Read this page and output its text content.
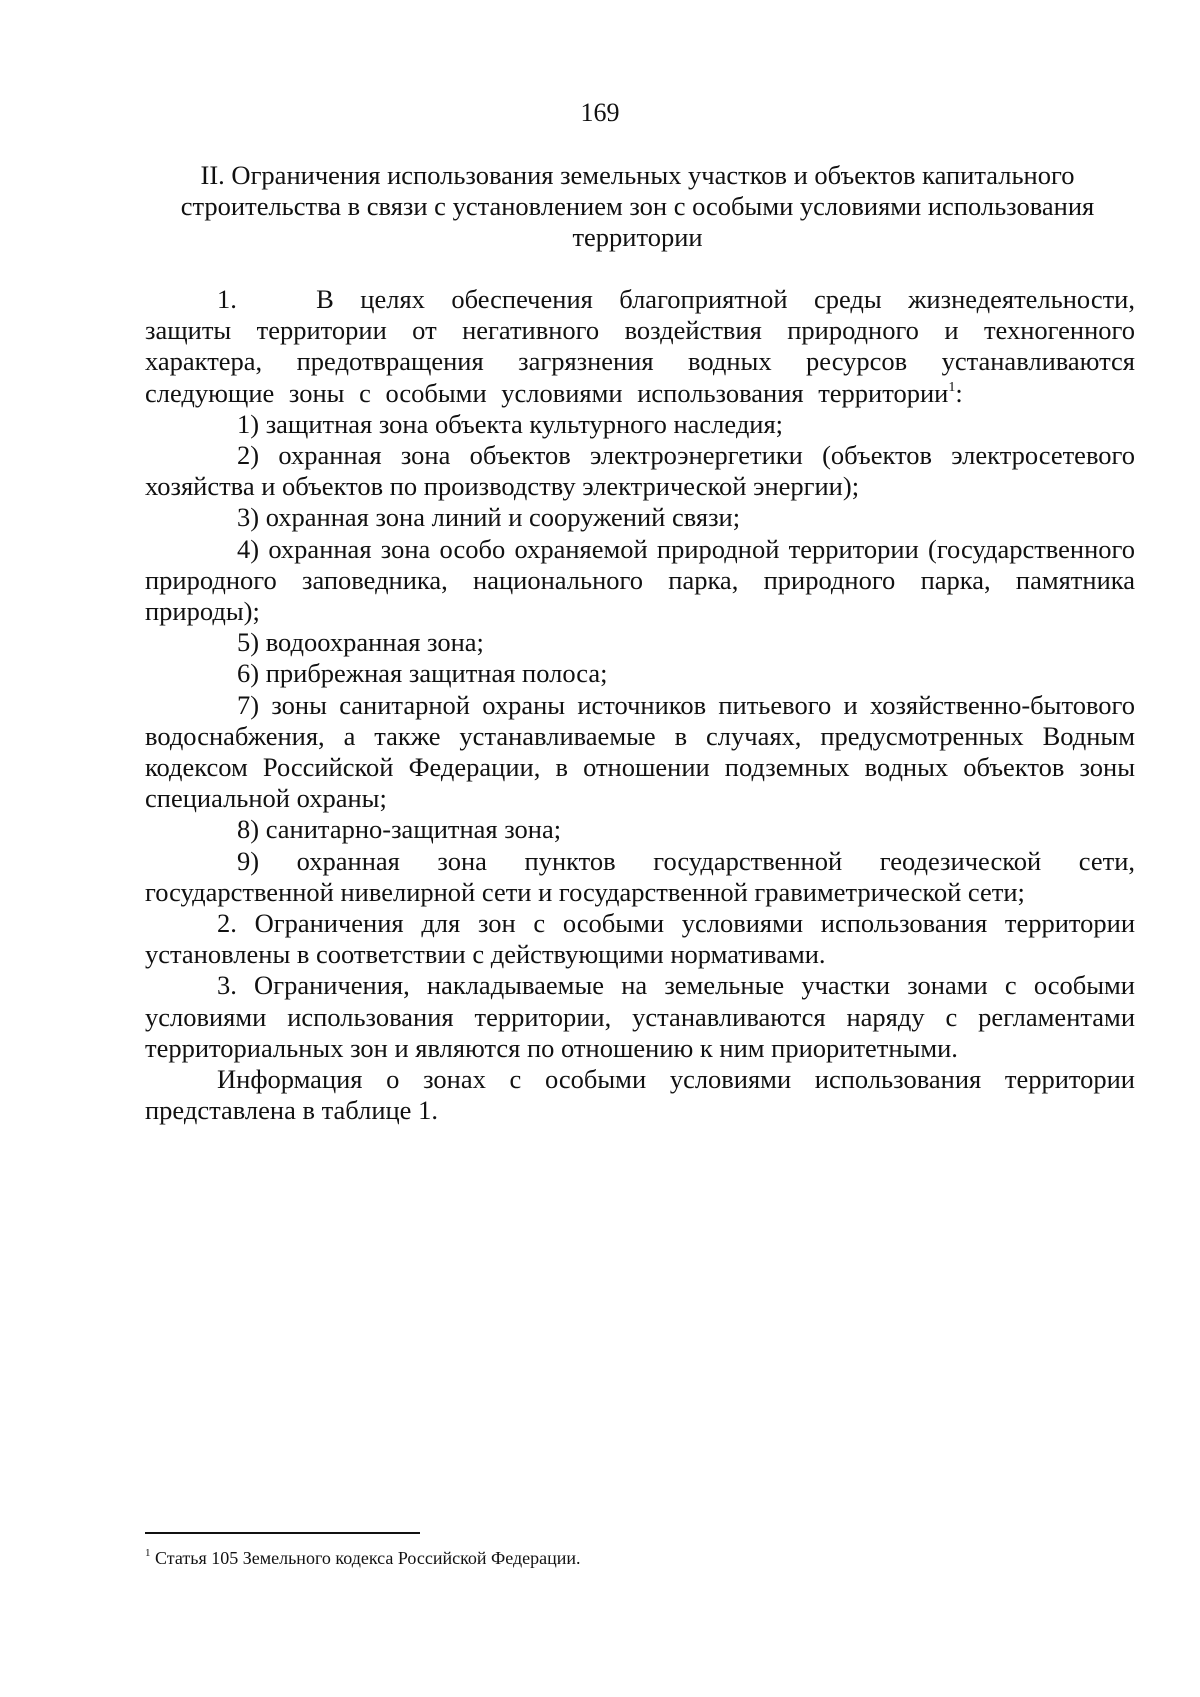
169
II. Ограничения использования земельных участков и объектов капитального
строительства в связи с установлением зон с особыми условиями использования
территории

1.   В целях обеспечения благоприятной среды жизнедеятельности, защиты территории от негативного воздействия природного и техногенного характера, предотвращения загрязнения водных ресурсов устанавливаются следующие зоны с особыми условиями использования территории$^1$:

1) защитная зона объекта культурного наследия;

2) охранная зона объектов электроэнергетики (объектов электросетевого хозяйства и объектов по производству электрической энергии);

3) охранная зона линий и сооружений связи;

4) охранная зона особо охраняемой природной территории (государственного природного заповедника, национального парка, природного парка, памятника природы);

5) водоохранная зона;

6) прибрежная защитная полоса;

7) зоны санитарной охраны источников питьевого и хозяйственно-бытового водоснабжения, а также устанавливаемые в случаях, предусмотренных Водным кодексом Российской Федерации, в отношении подземных водных объектов зоны специальной охраны;

8) санитарно-защитная зона;

9) охранная зона пунктов государственной геодезической сети, государственной нивелирной сети и государственной гравиметрической сети;

2. Ограничения для зон с особыми условиями использования территории установлены в соответствии с действующими нормативами.

3. Ограничения, накладываемые на земельные участки зонами с особыми условиями использования территории, устанавливаются наряду с регламентами территориальных зон и являются по отношению к ним приоритетными.

Информация о зонах с особыми условиями использования территории представлена в таблице 1.

$^1$ Статья 105 Земельного кодекса Российской Федерации.
